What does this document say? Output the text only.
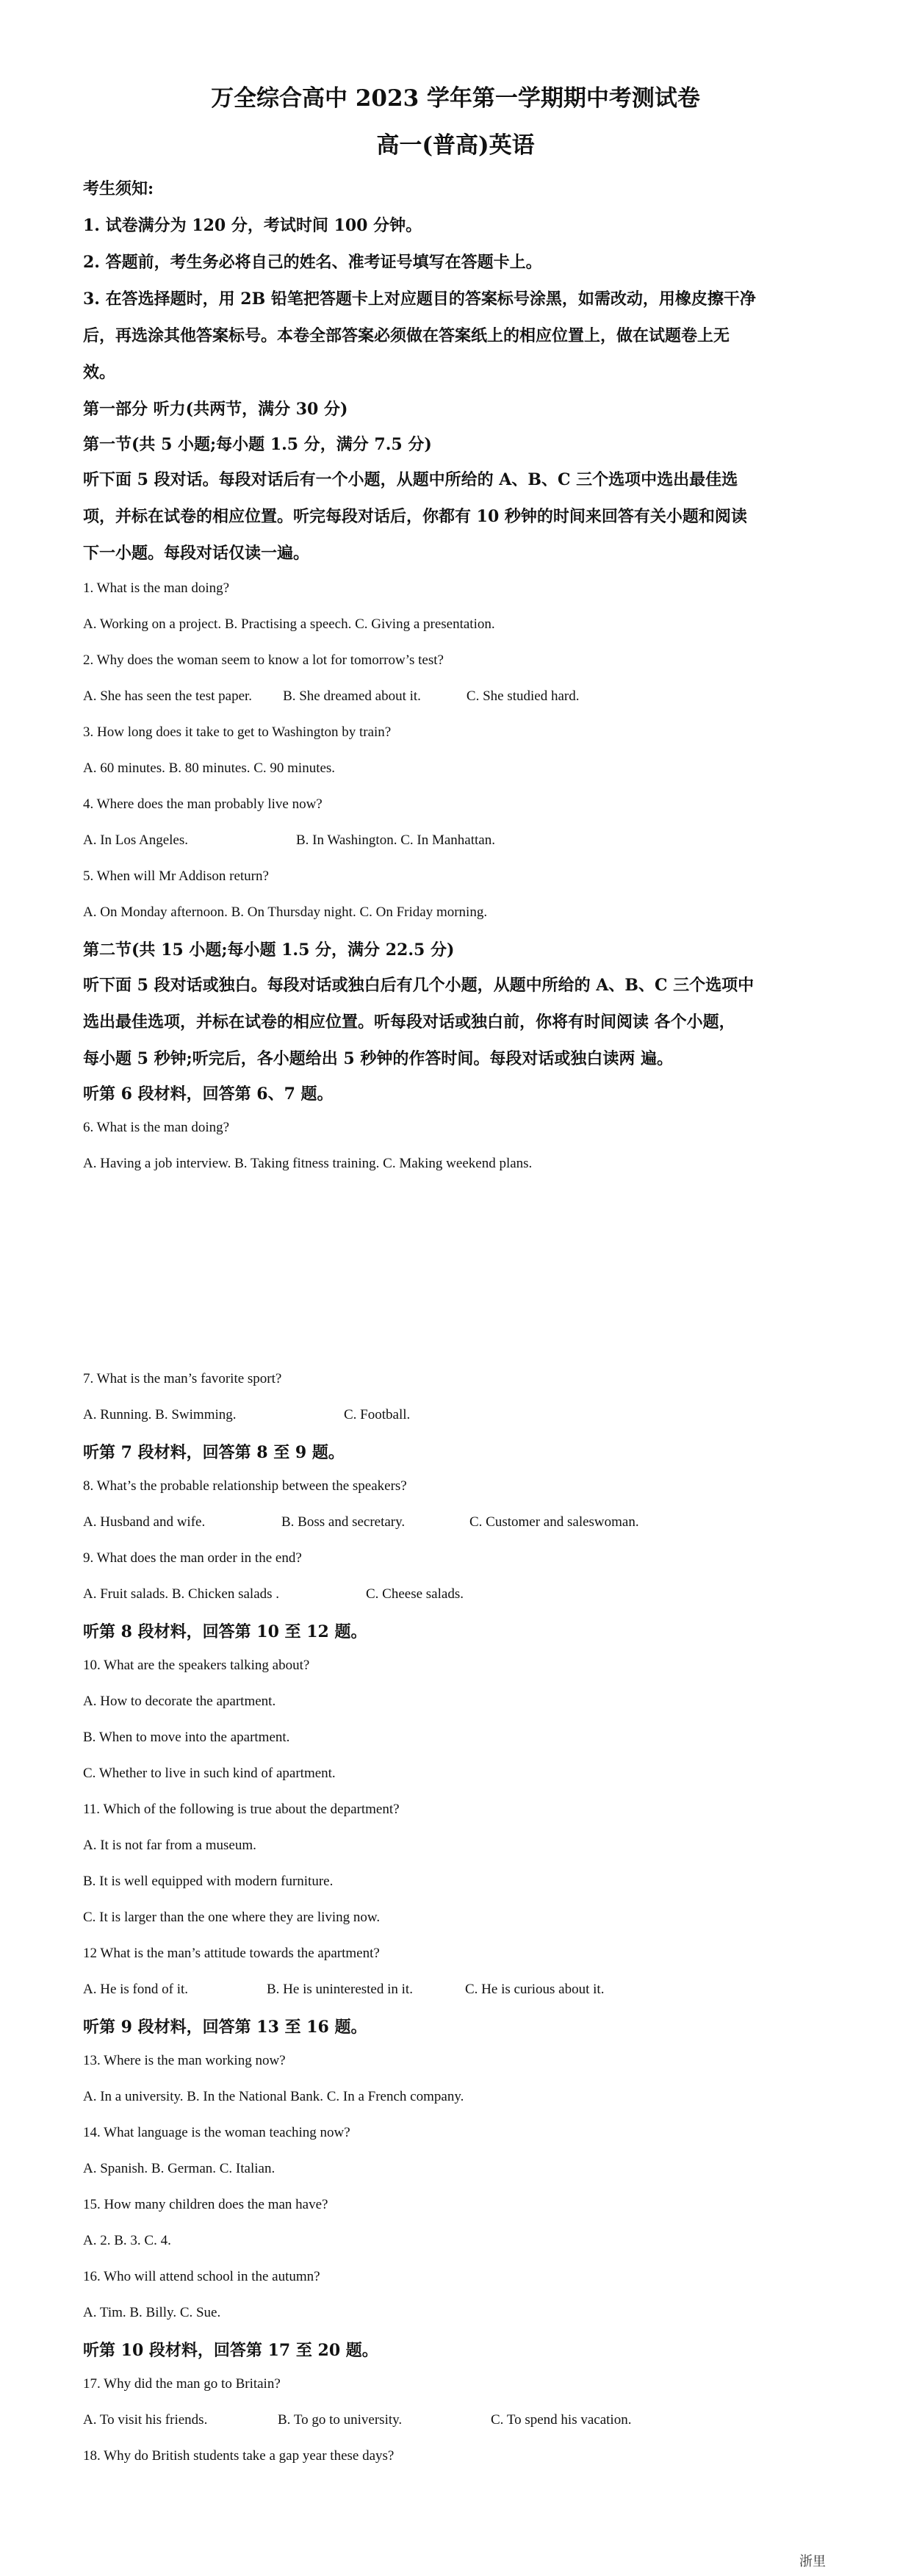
万全综合高中 2023 学年第一学期期中考测试卷
高一(普高)英语
考生须知:
1. 试卷满分为 120 分，考试时间 100 分钟。
2. 答题前，考生务必将自己的姓名、准考证号填写在答题卡上。
3. 在答选择题时，用 2B 铅笔把答题卡上对应题目的答案标号涂黑，如需改动，用橡皮擦干净
后，再选涂其他答案标号。本卷全部答案必须做在答案纸上的相应位置上，做在试题卷上无
效。
第一部分 听力(共两节，满分 30 分)
第一节(共 5 小题;每小题 1.5 分，满分 7.5 分)
听下面 5 段对话。每段对话后有一个小题，从题中所给的 A、B、C 三个选项中选出最佳选
项，并标在试卷的相应位置。听完每段对话后，你都有 10 秒钟的时间来回答有关小题和阅读
下一小题。每段对话仅读一遍。
1. What is the man doing?
A. Working on a project. B. Practising a speech. C. Giving a presentation.
2. Why does the woman seem to know a lot for tomorrow’s test?
A. She has seen the test paper. B. She dreamed about it.	C. She studied hard.
3. How long does it take to get to Washington by train?
A. 60 minutes. B. 80 minutes. C. 90 minutes.
4. Where does the man probably live now?
A. In Los Angeles.	B. In Washington. C. In Manhattan.
5. When will Mr Addison return?
A. On Monday afternoon. B. On Thursday night. C. On Friday morning.
第二节(共 15 小题;每小题 1.5 分，满分 22.5 分)
听下面 5 段对话或独白。每段对话或独白后有几个小题，从题中所给的 A、B、C 三个选项中
选出最佳选项，并标在试卷的相应位置。听每段对话或独白前，你将有时间阅读 各个小题，
每小题 5 秒钟;听完后，各小题给出 5 秒钟的作答时间。每段对话或独白读两 遍。
听第 6 段材料，回答第 6、7 题。
6. What is the man doing?
A. Having a job interview. B. Taking fitness training. C. Making weekend plans.
7. What is the man’s favorite sport?
A. Running. B. Swimming.	C. Football.
听第 7 段材料，回答第 8 至 9 题。
8. What’s the probable relationship between the speakers?
A. Husband and wife.	B. Boss and secretary.	C. Customer and saleswoman.
9. What does the man order in the end?
A. Fruit salads. B. Chicken salads .	C. Cheese salads.
听第 8 段材料，回答第 10 至 12 题。
10. What are the speakers talking about?
A. How to decorate the apartment.
B. When to move into the apartment.
C. Whether to live in such kind of apartment.
11. Which of the following is true about the department?
A. It is not far from a museum.
B. It is well equipped with modern furniture.
C. It is larger than the one where they are living now.
12 What is the man’s attitude towards the apartment?
A. He is fond of it.	B. He is uninterested in it.	C. He is curious about it.
听第 9 段材料，回答第 13 至 16 题。
13. Where is the man working now?
A. In a university. B. In the National Bank. C. In a French company.
14. What language is the woman teaching now?
A. Spanish. B. German. C. Italian.
15. How many children does the man have?
A. 2. B. 3. C. 4.
16. Who will attend school in the autumn?
A. Tim. B. Billy. C. Sue.
听第 10 段材料，回答第 17 至 20 题。
17. Why did the man go to Britain?
A. To visit his friends.	B. To go to university.	C. To spend his vacation.
18. Why do British students take a gap year these days?
浙里
